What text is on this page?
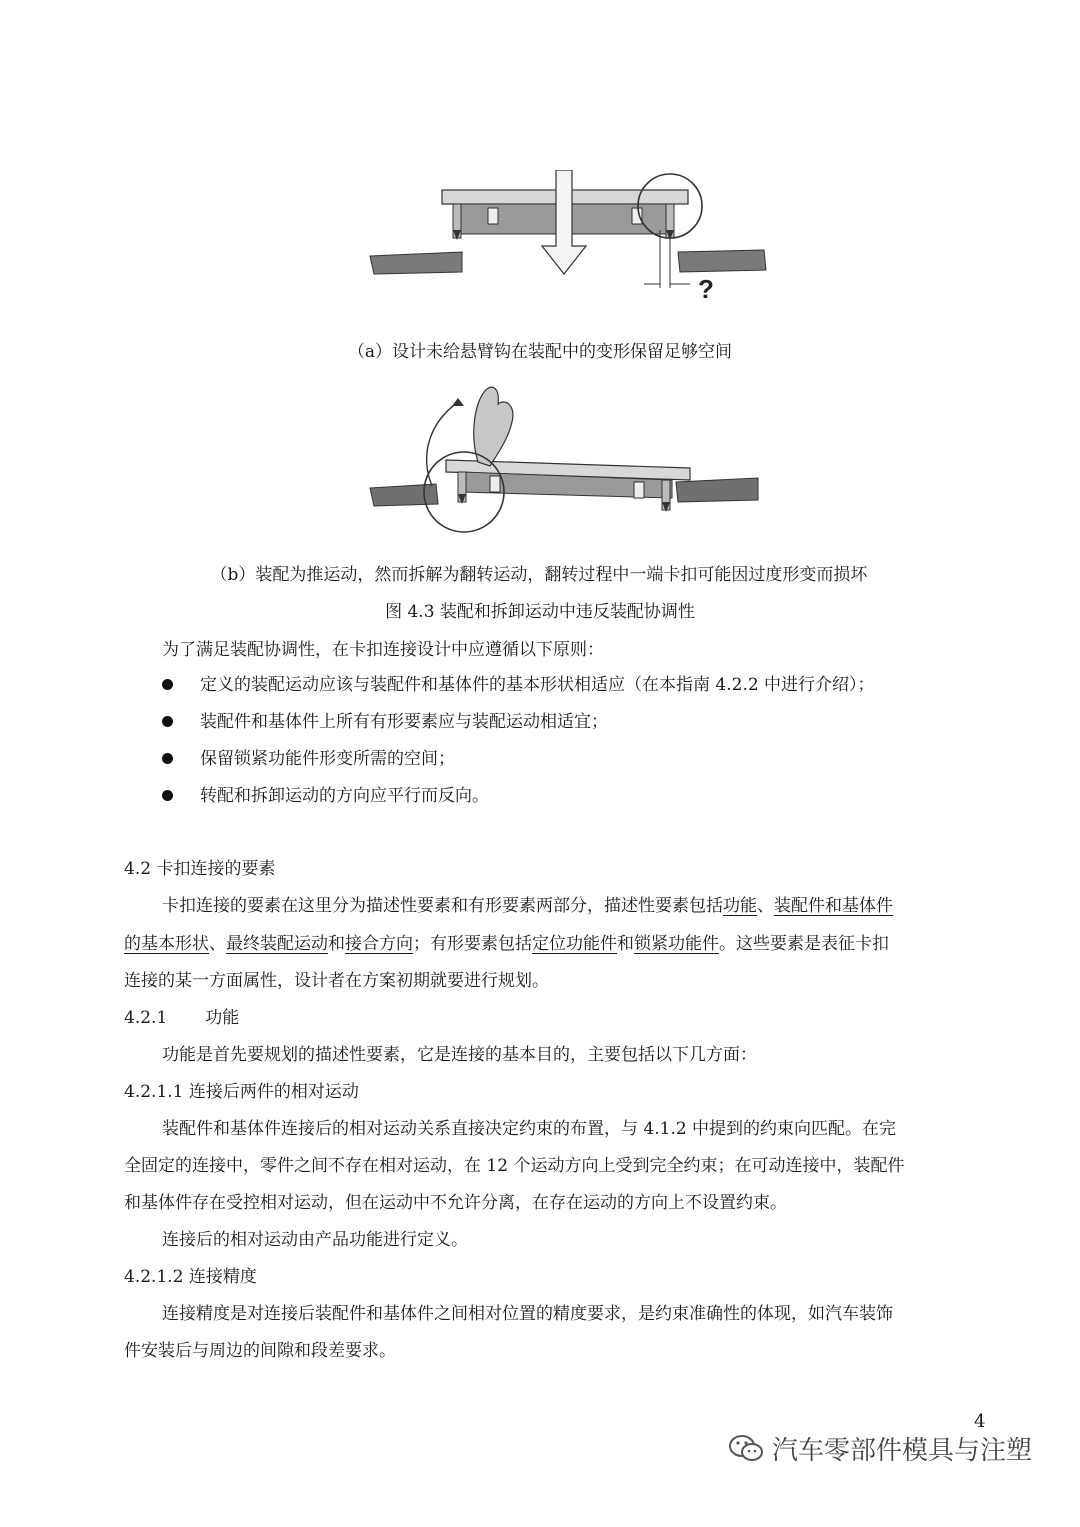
?
（a）设计未给悬臂钩在装配中的变形保留足够空间
（b）装配为推运动，然而拆解为翻转运动，翻转过程中一端卡扣可能因过度形变而损坏
图 4.3 装配和拆卸运动中违反装配协调性
为了满足装配协调性，在卡扣连接设计中应遵循以下原则：
定义的装配运动应该与装配件和基体件的基本形状相适应（在本指南 4.2.2 中进行介绍）；
装配件和基体件上所有有形要素应与装配运动相适宜；
保留锁紧功能件形变所需的空间；
转配和拆卸运动的方向应平行而反向。
4.2 卡扣连接的要素
卡扣连接的要素在这里分为描述性要素和有形要素两部分，描述性要素包括功能、装配件和基体件
的基本形状、最终装配运动和接合方向；有形要素包括定位功能件和锁紧功能件。这些要素是表征卡扣
连接的某一方面属性，设计者在方案初期就要进行规划。
4.2.1 功能
功能是首先要规划的描述性要素，它是连接的基本目的，主要包括以下几方面：
4.2.1.1 连接后两件的相对运动
装配件和基体件连接后的相对运动关系直接决定约束的布置，与 4.1.2 中提到的约束向匹配。在完
全固定的连接中，零件之间不存在相对运动，在 12 个运动方向上受到完全约束；在可动连接中，装配件
和基体件存在受控相对运动，但在运动中不允许分离，在存在运动的方向上不设置约束。
连接后的相对运动由产品功能进行定义。
4.2.1.2 连接精度
连接精度是对连接后装配件和基体件之间相对位置的精度要求，是约束准确性的体现，如汽车装饰
件安装后与周边的间隙和段差要求。
4
汽车零部件模具与注塑
